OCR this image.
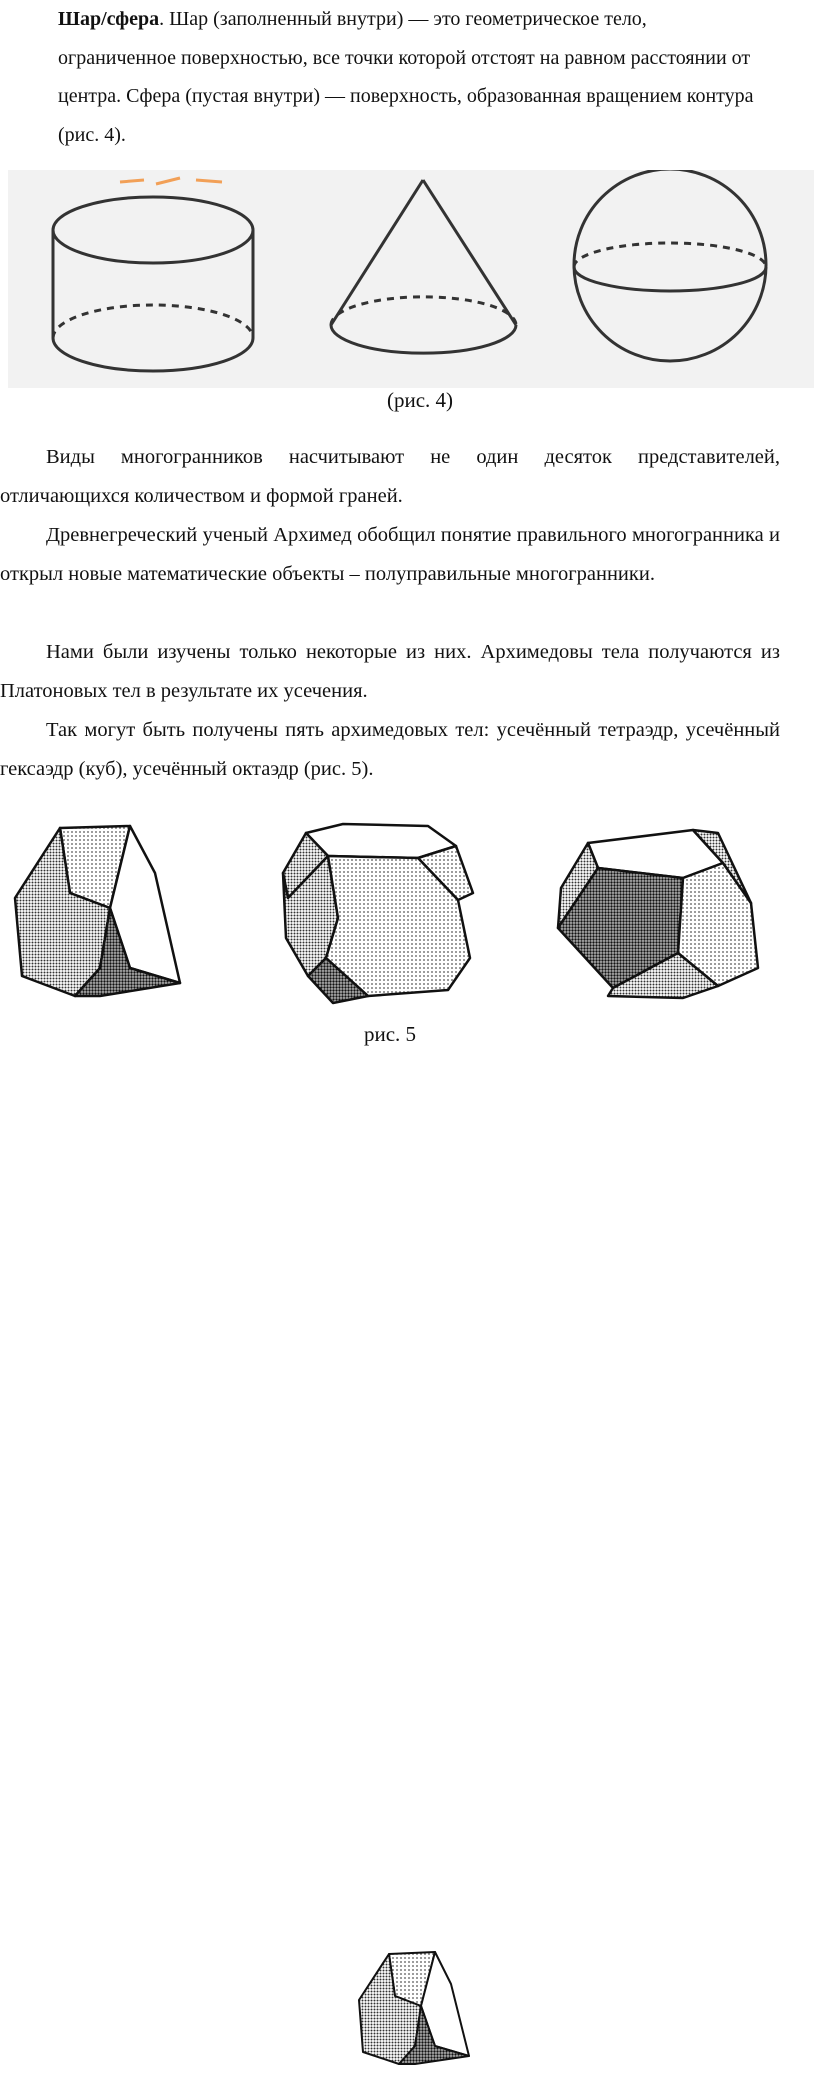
Шар/сфера. Шар (заполненный внутри) — это геометрическое тело, ограниченное поверхностью, все точки которой отстоят на равном расстоянии от центра. Сфера (пустая внутри) — поверхность, образованная вращением контура (рис. 4).
(рис. 4)
Виды многогранников насчитывают не один десяток представителей, отличающихся количеством и формой граней.
Древнегреческий ученый Архимед обобщил понятие правильного многогранника и открыл новые математические объекты – полуправильные многогранники.
Нами были изучены только некоторые из них. Архимедовы тела получаются из Платоновых тел в результате их усечения.
Так могут быть получены пять архимедовых тел: усечённый тетраэдр, усечённый гексаэдр (куб), усечённый октаэдр (рис. 5).
рис. 5
